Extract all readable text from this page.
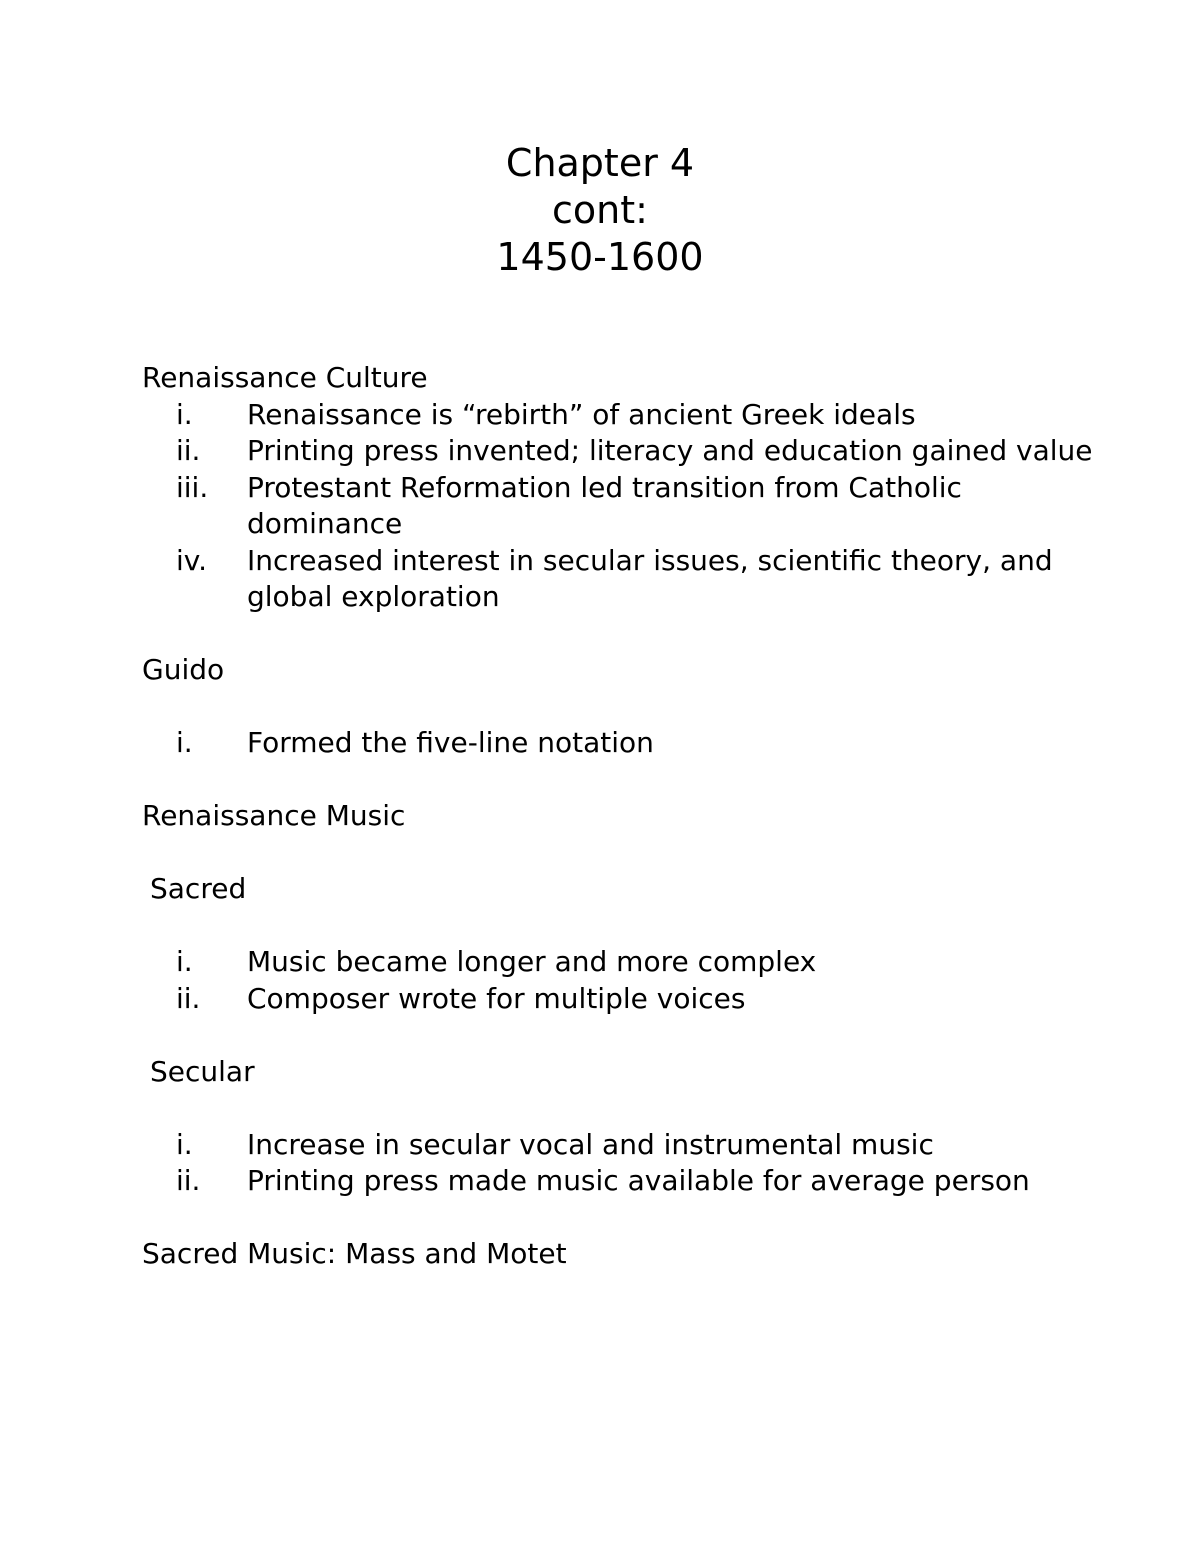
Chapter 4
cont:
1450-1600
Renaissance Culture
i. Renaissance is “rebirth” of ancient Greek ideals
ii. Printing press invented; literacy and education gained value
iii. Protestant Reformation led transition from Catholic dominance
iv. Increased interest in secular issues, scientific theory, and global exploration
Guido
i. Formed the five-line notation
Renaissance Music
Sacred
i. Music became longer and more complex
ii. Composer wrote for multiple voices
Secular
i. Increase in secular vocal and instrumental music
ii. Printing press made music available for average person
Sacred Music: Mass and Motet
